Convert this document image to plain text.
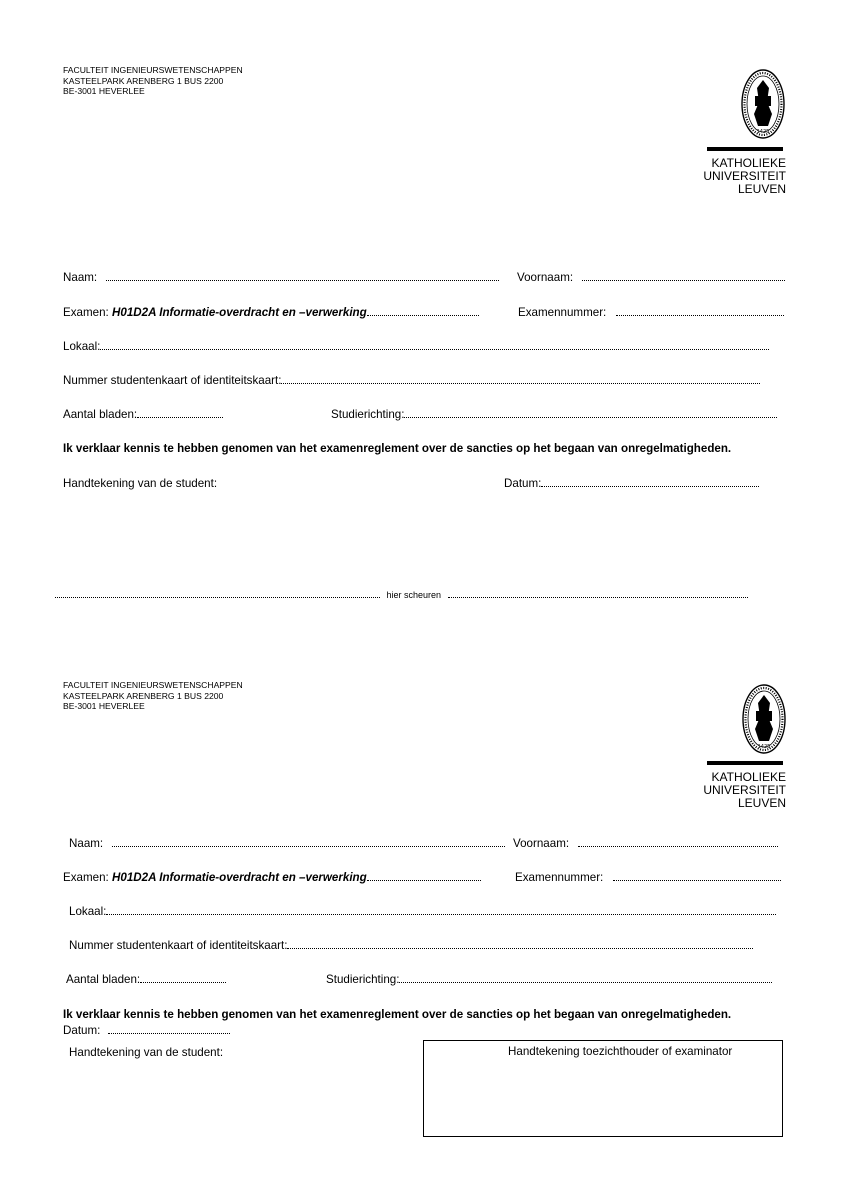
FACULTEIT INGENIEURSWETENSCHAPPEN
KASTEELPARK ARENBERG 1 BUS 2200
BE-3001 HEVERLEE
1425
KATHOLIEKE
UNIVERSITEIT
LEUVEN
Naam:	Voornaam:
Examen: H01D2A Informatie-overdracht en –verwerking	Examennummer:
Lokaal:
Nummer studentenkaart of identiteitskaart:
Aantal bladen:	Studierichting:
Ik verklaar kennis te hebben genomen van het examenreglement over de sancties op het begaan van onregelmatigheden.
Handtekening van de student:	Datum:
hier scheuren
FACULTEIT INGENIEURSWETENSCHAPPEN
KASTEELPARK ARENBERG 1 BUS 2200
BE-3001 HEVERLEE
1425
KATHOLIEKE
UNIVERSITEIT
LEUVEN
Naam:	Voornaam:
Examen: H01D2A Informatie-overdracht en –verwerking	Examennummer:
Lokaal:
Nummer studentenkaart of identiteitskaart:
Aantal bladen:	Studierichting:
Ik verklaar kennis te hebben genomen van het examenreglement over de sancties op het begaan van onregelmatigheden.
Datum:
Handtekening van de student:	Handtekening toezichthouder of examinator
